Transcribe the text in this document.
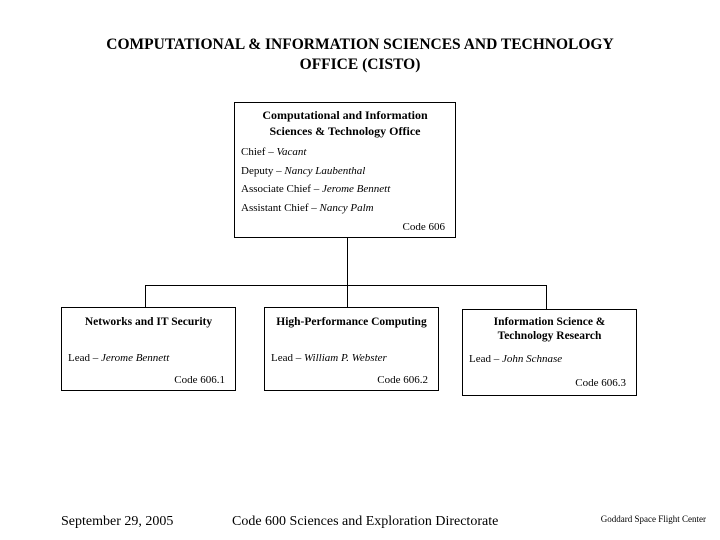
COMPUTATIONAL & INFORMATION SCIENCES AND TECHNOLOGY
OFFICE (CISTO)
Computational and Information
Sciences & Technology Office
Chief – Vacant
Deputy – Nancy Laubenthal
Associate Chief – Jerome Bennett
Assistant Chief – Nancy Palm
Code 606
Networks and IT Security
Lead – Jerome Bennett
Code 606.1
High-Performance Computing
Lead – William P. Webster
Code 606.2
Information Science &
Technology Research
Lead – John Schnase
Code 606.3
September 29, 2005	Code 600 Sciences and Exploration Directorate	Goddard Space Flight Center
